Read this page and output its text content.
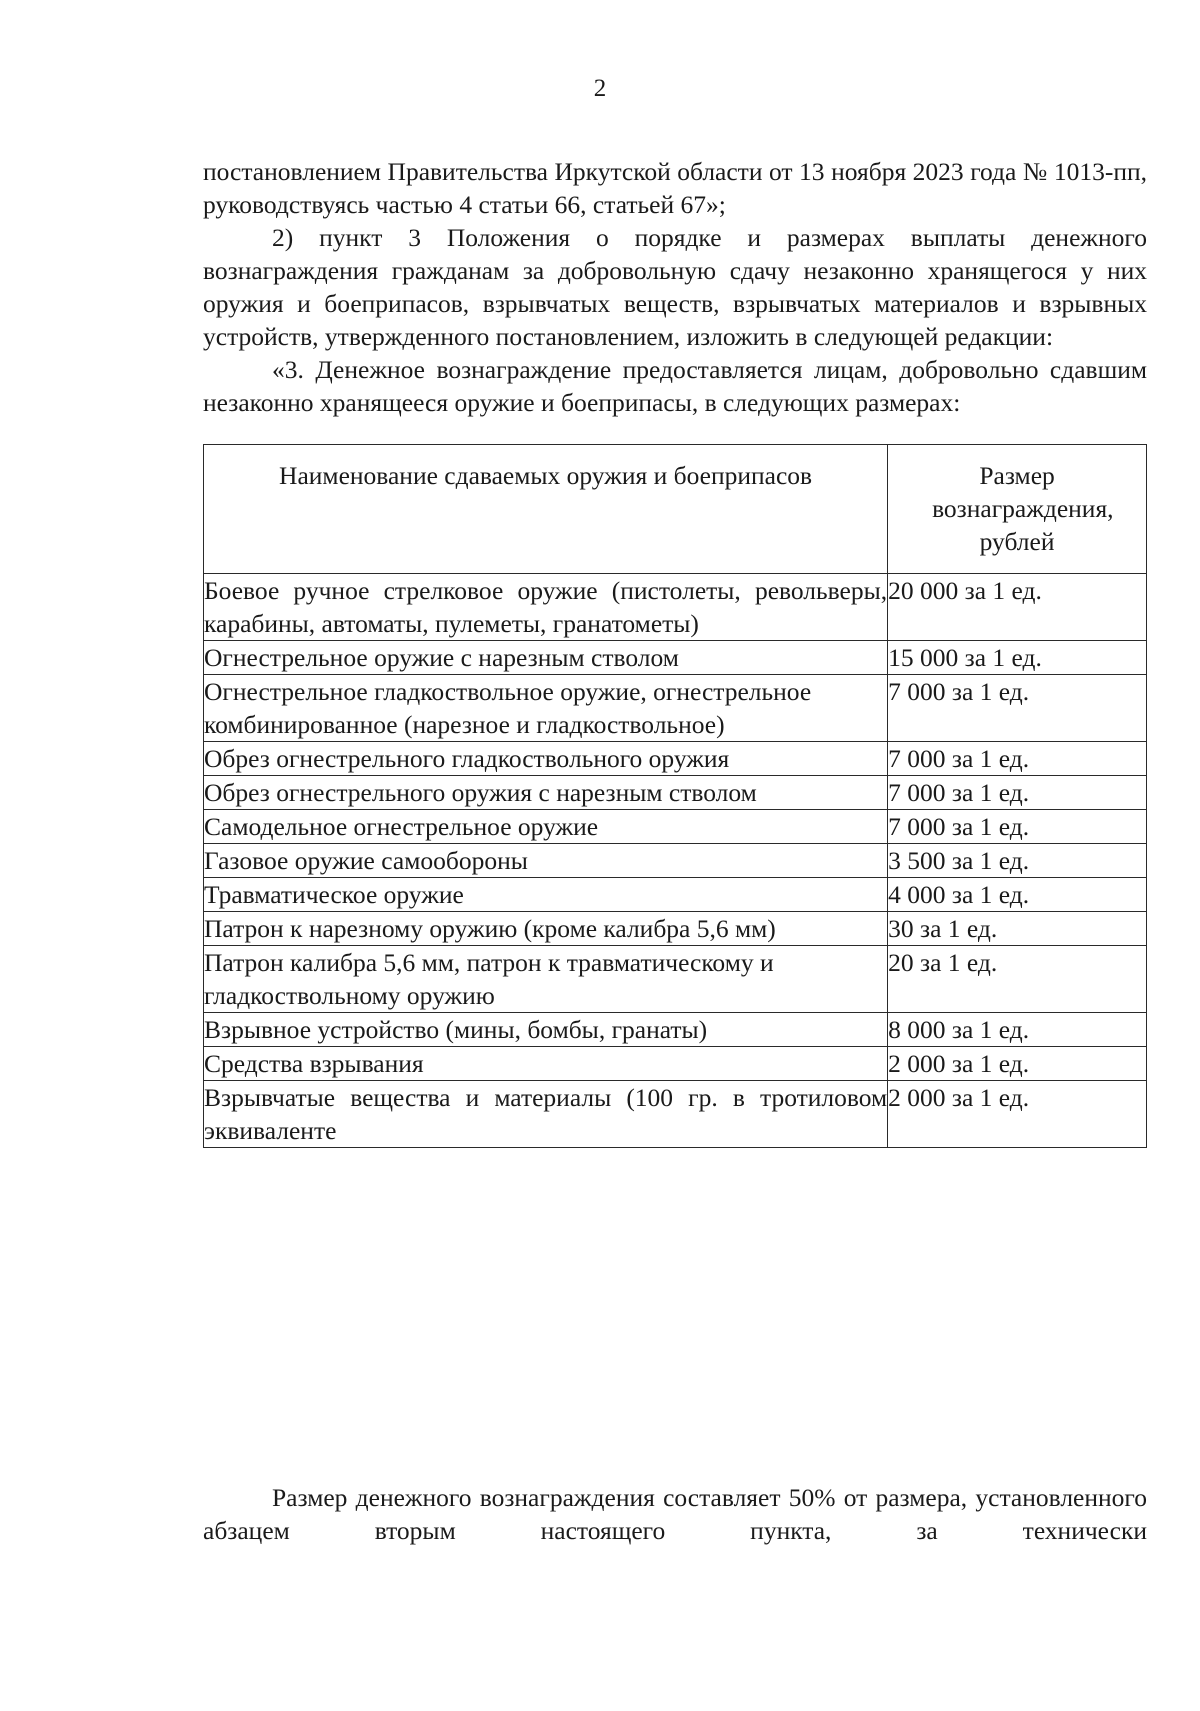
2

постановлением Правительства Иркутской области от 13 ноября 2023 года № 1013-пп, руководствуясь частью 4 статьи 66, статьей 67»;

2) пункт 3 Положения о порядке и размерах выплаты денежного вознаграждения гражданам за добровольную сдачу незаконно хранящегося у них оружия и боеприпасов, взрывчатых веществ, взрывчатых материалов и взрывных устройств, утвержденного постановлением, изложить в следующей редакции:

«3. Денежное вознаграждение предоставляется лицам, добровольно сдавшим незаконно хранящееся оружие и боеприпасы, в следующих размерах:

Наименование сдаваемых оружия и боеприпасов	Размер вознаграждения, рублей

Боевое ручное стрелковое оружие (пистолеты, револьверы, карабины, автоматы, пулеметы, гранатометы)	20 000 за 1 ед.
Огнестрельное оружие с нарезным стволом	15 000 за 1 ед.
Огнестрельное гладкоствольное оружие, огнестрельное комбинированное (нарезное и гладкоствольное)	7 000 за 1 ед.
Обрез огнестрельного гладкоствольного оружия	7 000 за 1 ед.
Обрез огнестрельного оружия с нарезным стволом	7 000 за 1 ед.
Самодельное огнестрельное оружие	7 000 за 1 ед.
Газовое оружие самообороны	3 500 за 1 ед.
Травматическое оружие	4 000 за 1 ед.
Патрон к нарезному оружию (кроме калибра 5,6 мм)	30 за 1 ед.
Патрон калибра 5,6 мм, патрон к травматическому и гладкоствольному оружию	20 за 1 ед.
Взрывное устройство (мины, бомбы, гранаты)	8 000 за 1 ед.
Средства взрывания	2 000 за 1 ед.
Взрывчатые вещества и материалы (100 гр. в тротиловом эквиваленте	2 000 за 1 ед.

Размер денежного вознаграждения составляет 50% от размера, установленного абзацем вторым настоящего пункта, за технически
